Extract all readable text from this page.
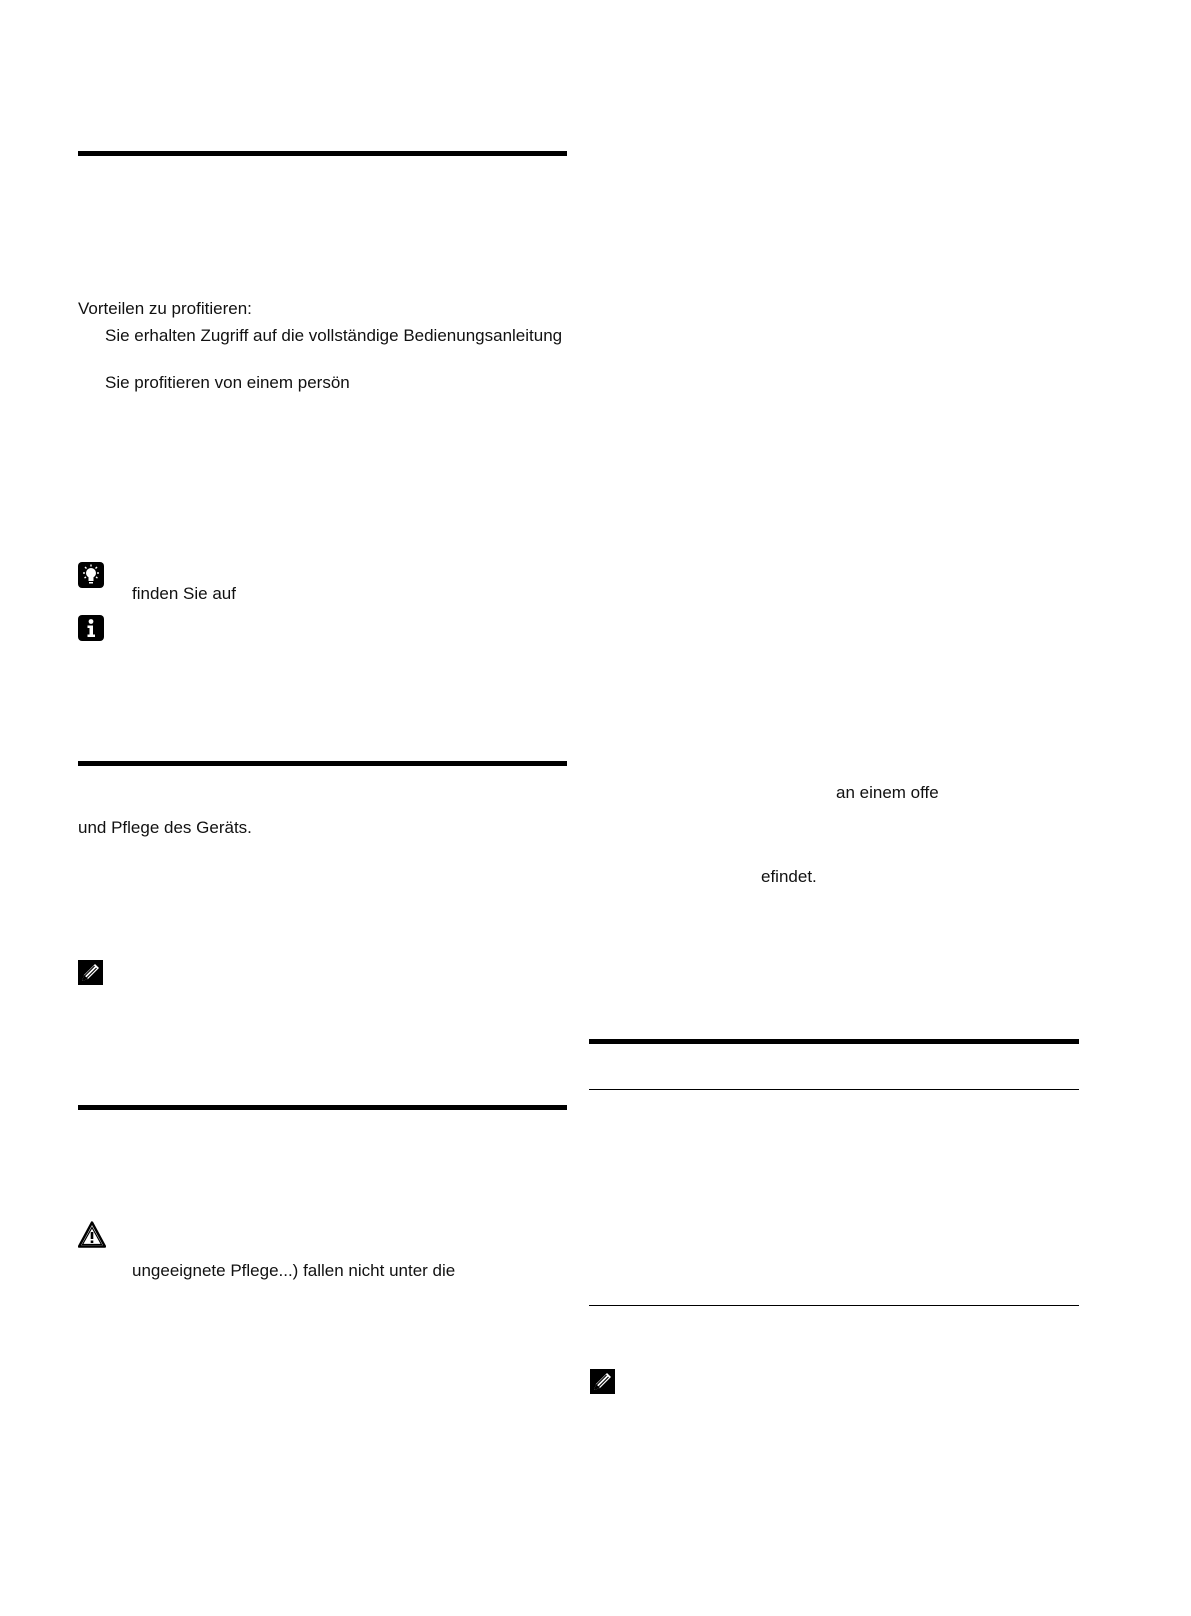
Vorteilen zu profitieren:
Sie erhalten Zugriff auf die vollständige Bedienungsanleitung
Sie profitieren von einem persön
finden Sie auf
und Pflege des Geräts.
ungeeignete Pflege...) fallen nicht unter die
an einem offe
efindet.
